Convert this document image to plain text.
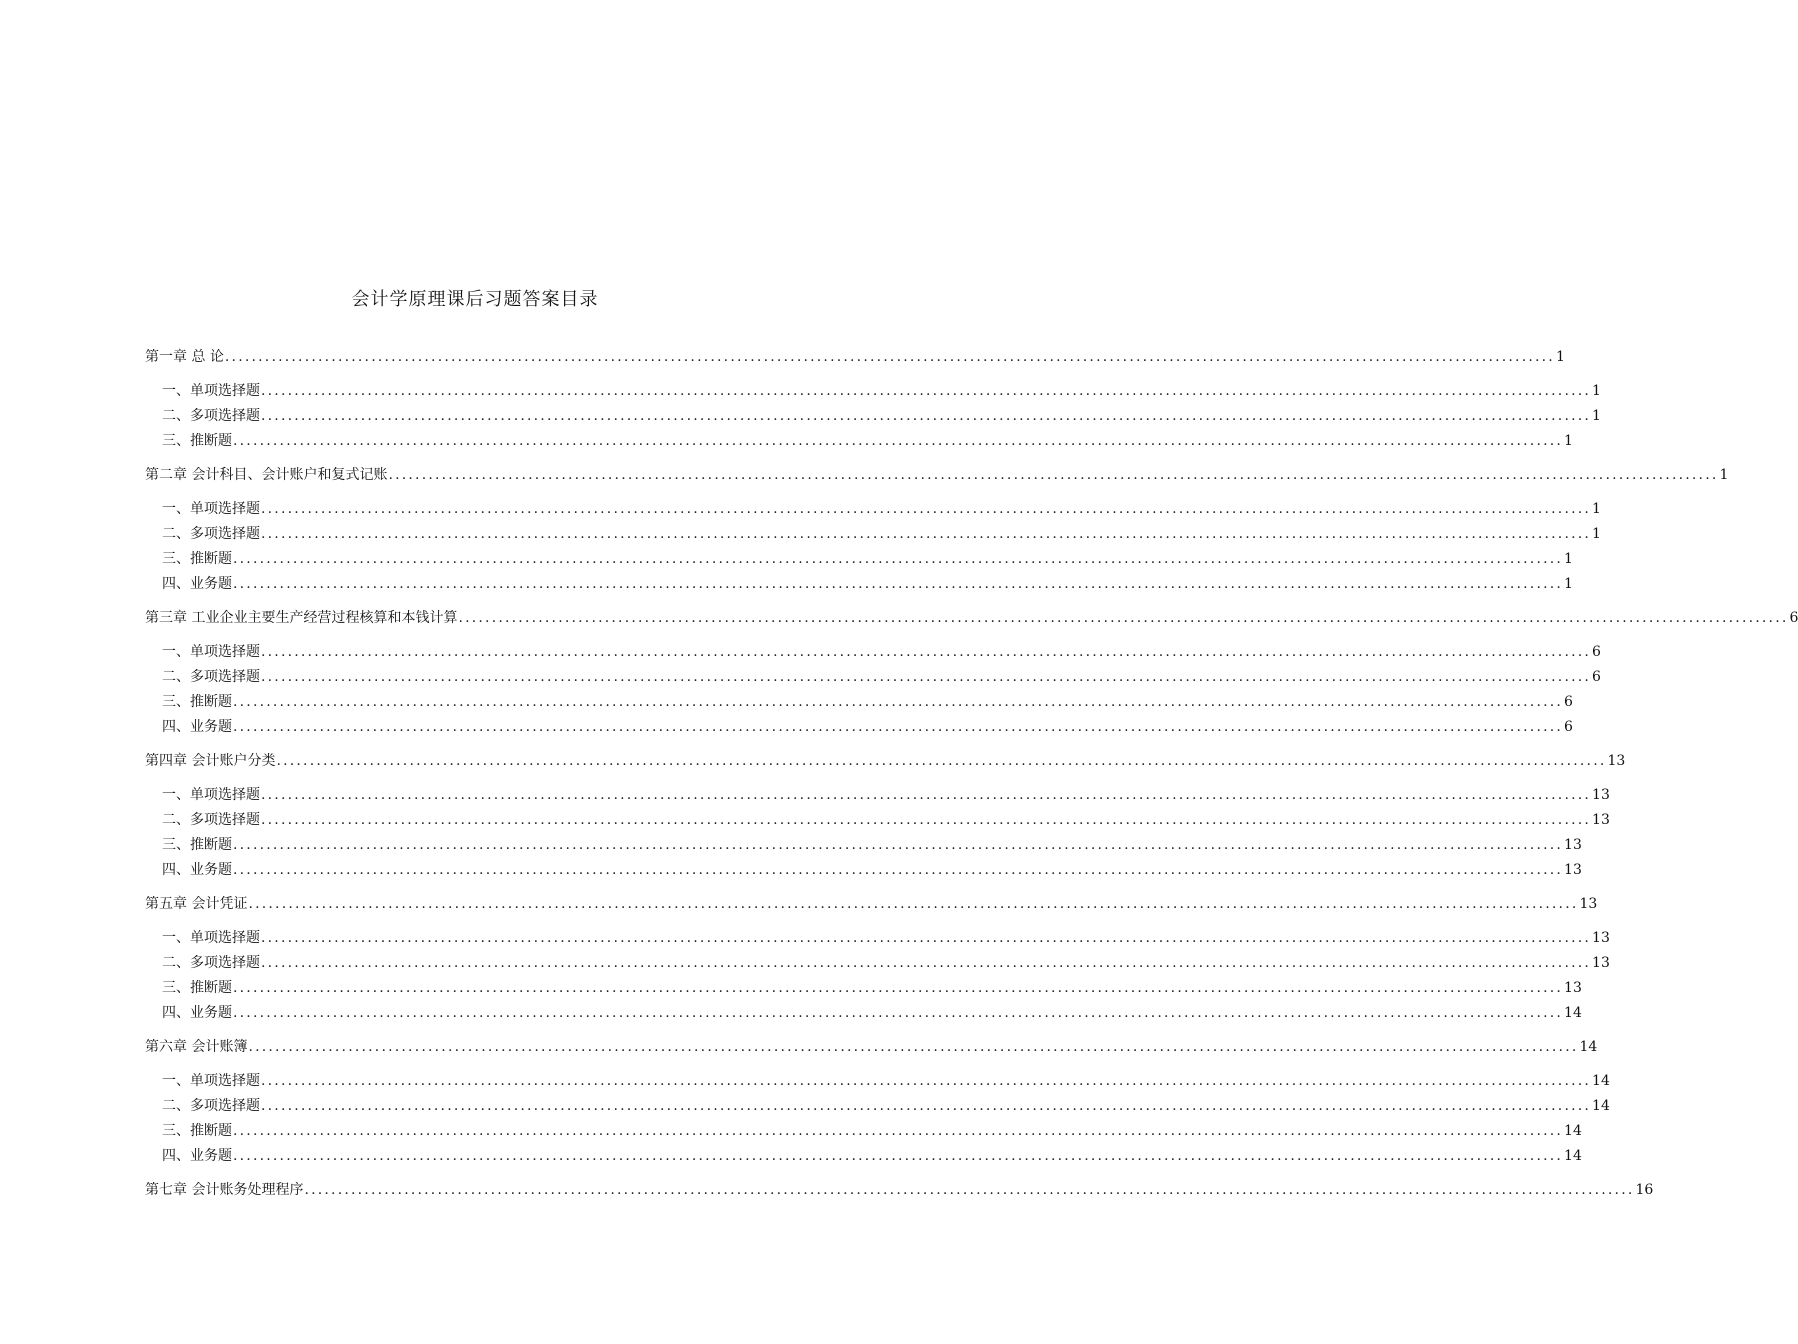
会计学原理课后习题答案目录
第一章 总 论 ........................................................................................................................................................................................................ 1
一、单项选择题 ........................................................................................................................................................................................................ 1
二、多项选择题 ........................................................................................................................................................................................................ 1
三、推断题 ........................................................................................................................................................................................................ 1
第二章 会计科目、会计账户和复式记账 ........................................................................................................................................................................................................ 1
一、单项选择题 ........................................................................................................................................................................................................ 1
二、多项选择题 ........................................................................................................................................................................................................ 1
三、推断题 ........................................................................................................................................................................................................ 1
四、业务题 ........................................................................................................................................................................................................ 1
第三章 工业企业主要生产经营过程核算和本钱计算 ........................................................................................................................................................................................................ 6
一、单项选择题 ........................................................................................................................................................................................................ 6
二、多项选择题 ........................................................................................................................................................................................................ 6
三、推断题 ........................................................................................................................................................................................................ 6
四、业务题 ........................................................................................................................................................................................................ 6
第四章 会计账户分类 ........................................................................................................................................................................................................ 13
一、单项选择题 ........................................................................................................................................................................................................ 13
二、多项选择题 ........................................................................................................................................................................................................ 13
三、推断题 ........................................................................................................................................................................................................ 13
四、业务题 ........................................................................................................................................................................................................ 13
第五章 会计凭证 ........................................................................................................................................................................................................ 13
一、单项选择题 ........................................................................................................................................................................................................ 13
二、多项选择题 ........................................................................................................................................................................................................ 13
三、推断题 ........................................................................................................................................................................................................ 13
四、业务题 ........................................................................................................................................................................................................ 14
第六章 会计账簿 ........................................................................................................................................................................................................ 14
一、单项选择题 ........................................................................................................................................................................................................ 14
二、多项选择题 ........................................................................................................................................................................................................ 14
三、推断题 ........................................................................................................................................................................................................ 14
四、业务题 ........................................................................................................................................................................................................ 14
第七章 会计账务处理程序 ........................................................................................................................................................................................................ 16
